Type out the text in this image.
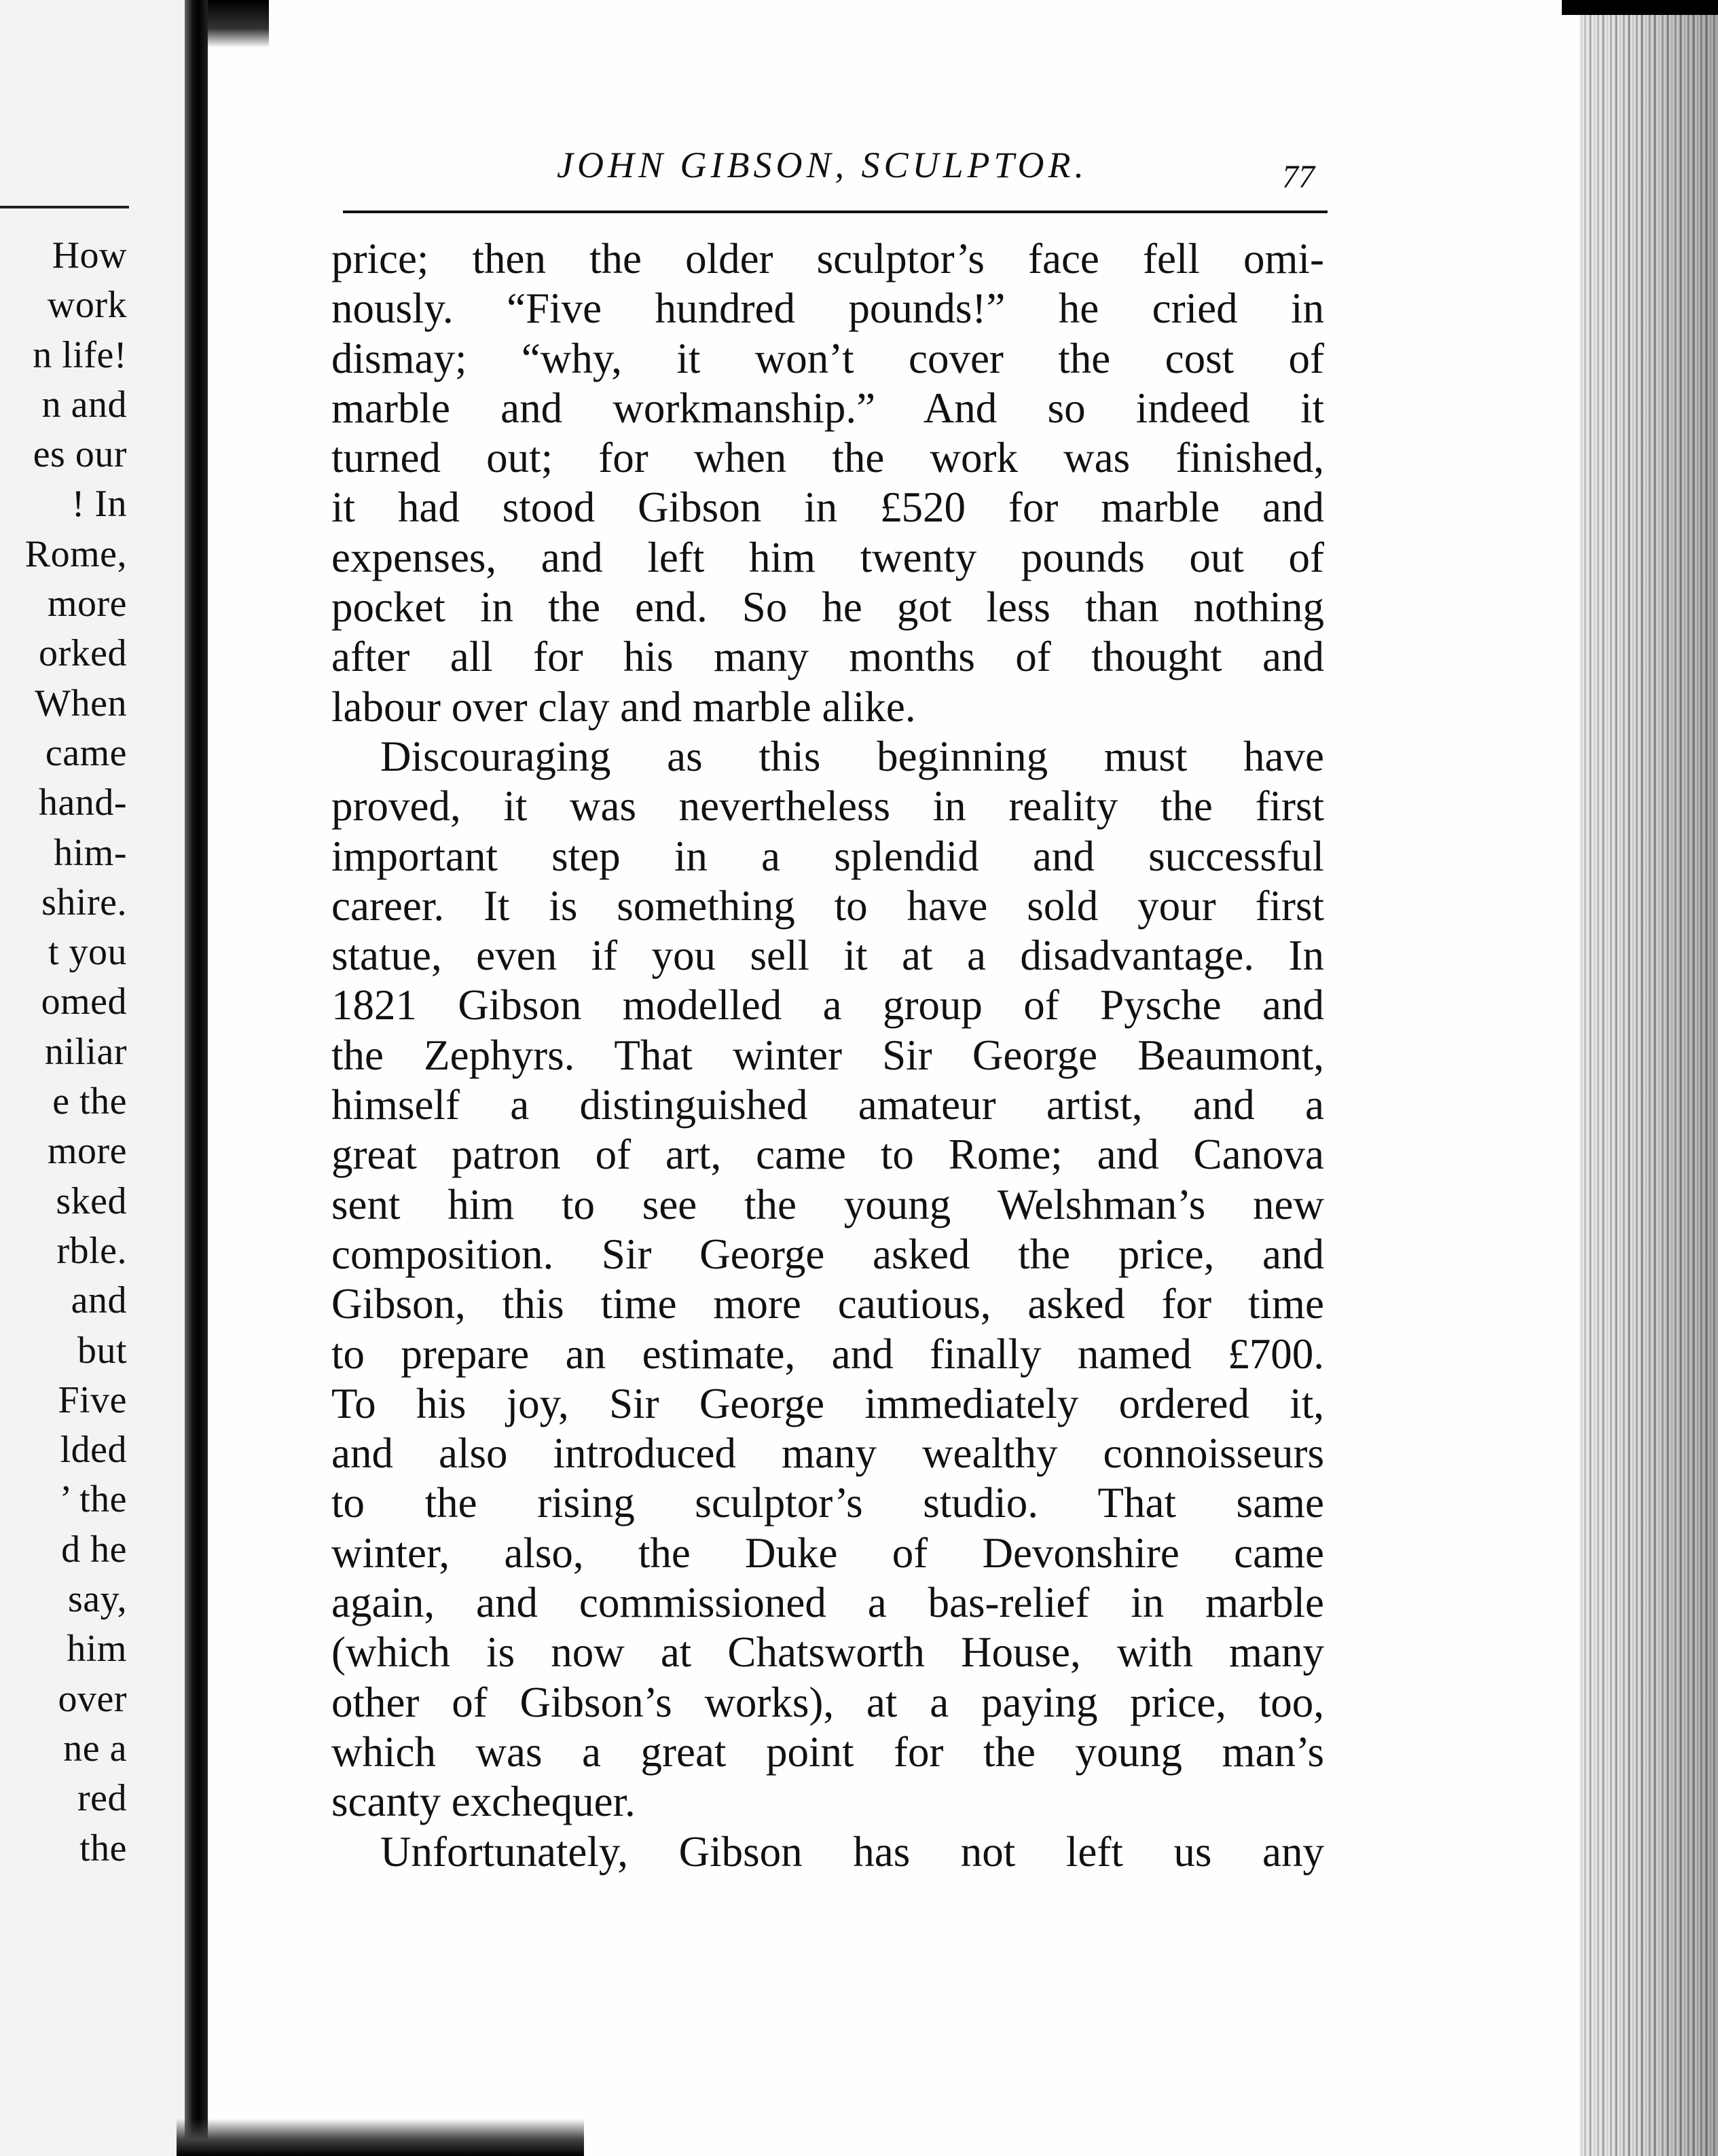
How
work
n life!
n and
es our
! In
Rome,
more
orked
When
came
hand-
him-
shire.
t you
omed
niliar
e the
more
sked
rble.
and
but
Five
lded
’ the
d he
say,
him
over
ne a
red
the
JOHN GIBSON, SCULPTOR.	77
price; then the older sculptor’s face fell omi-
nously. “Five hundred pounds!” he cried in
dismay; “why, it won’t cover the cost of
marble and workmanship.” And so indeed it
turned out; for when the work was finished,
it had stood Gibson in £520 for marble and
expenses, and left him twenty pounds out of
pocket in the end. So he got less than nothing
after all for his many months of thought and
labour over clay and marble alike.
Discouraging as this beginning must have
proved, it was nevertheless in reality the first
important step in a splendid and successful
career. It is something to have sold your first
statue, even if you sell it at a disadvantage. In
1821 Gibson modelled a group of Pysche and
the Zephyrs. That winter Sir George Beaumont,
himself a distinguished amateur artist, and a
great patron of art, came to Rome; and Canova
sent him to see the young Welshman’s new
composition. Sir George asked the price, and
Gibson, this time more cautious, asked for time
to prepare an estimate, and finally named £700.
To his joy, Sir George immediately ordered it,
and also introduced many wealthy connoisseurs
to the rising sculptor’s studio. That same
winter, also, the Duke of Devonshire came
again, and commissioned a bas-relief in marble
(which is now at Chatsworth House, with many
other of Gibson’s works), at a paying price, too,
which was a great point for the young man’s
scanty exchequer.
Unfortunately, Gibson has not left us any
